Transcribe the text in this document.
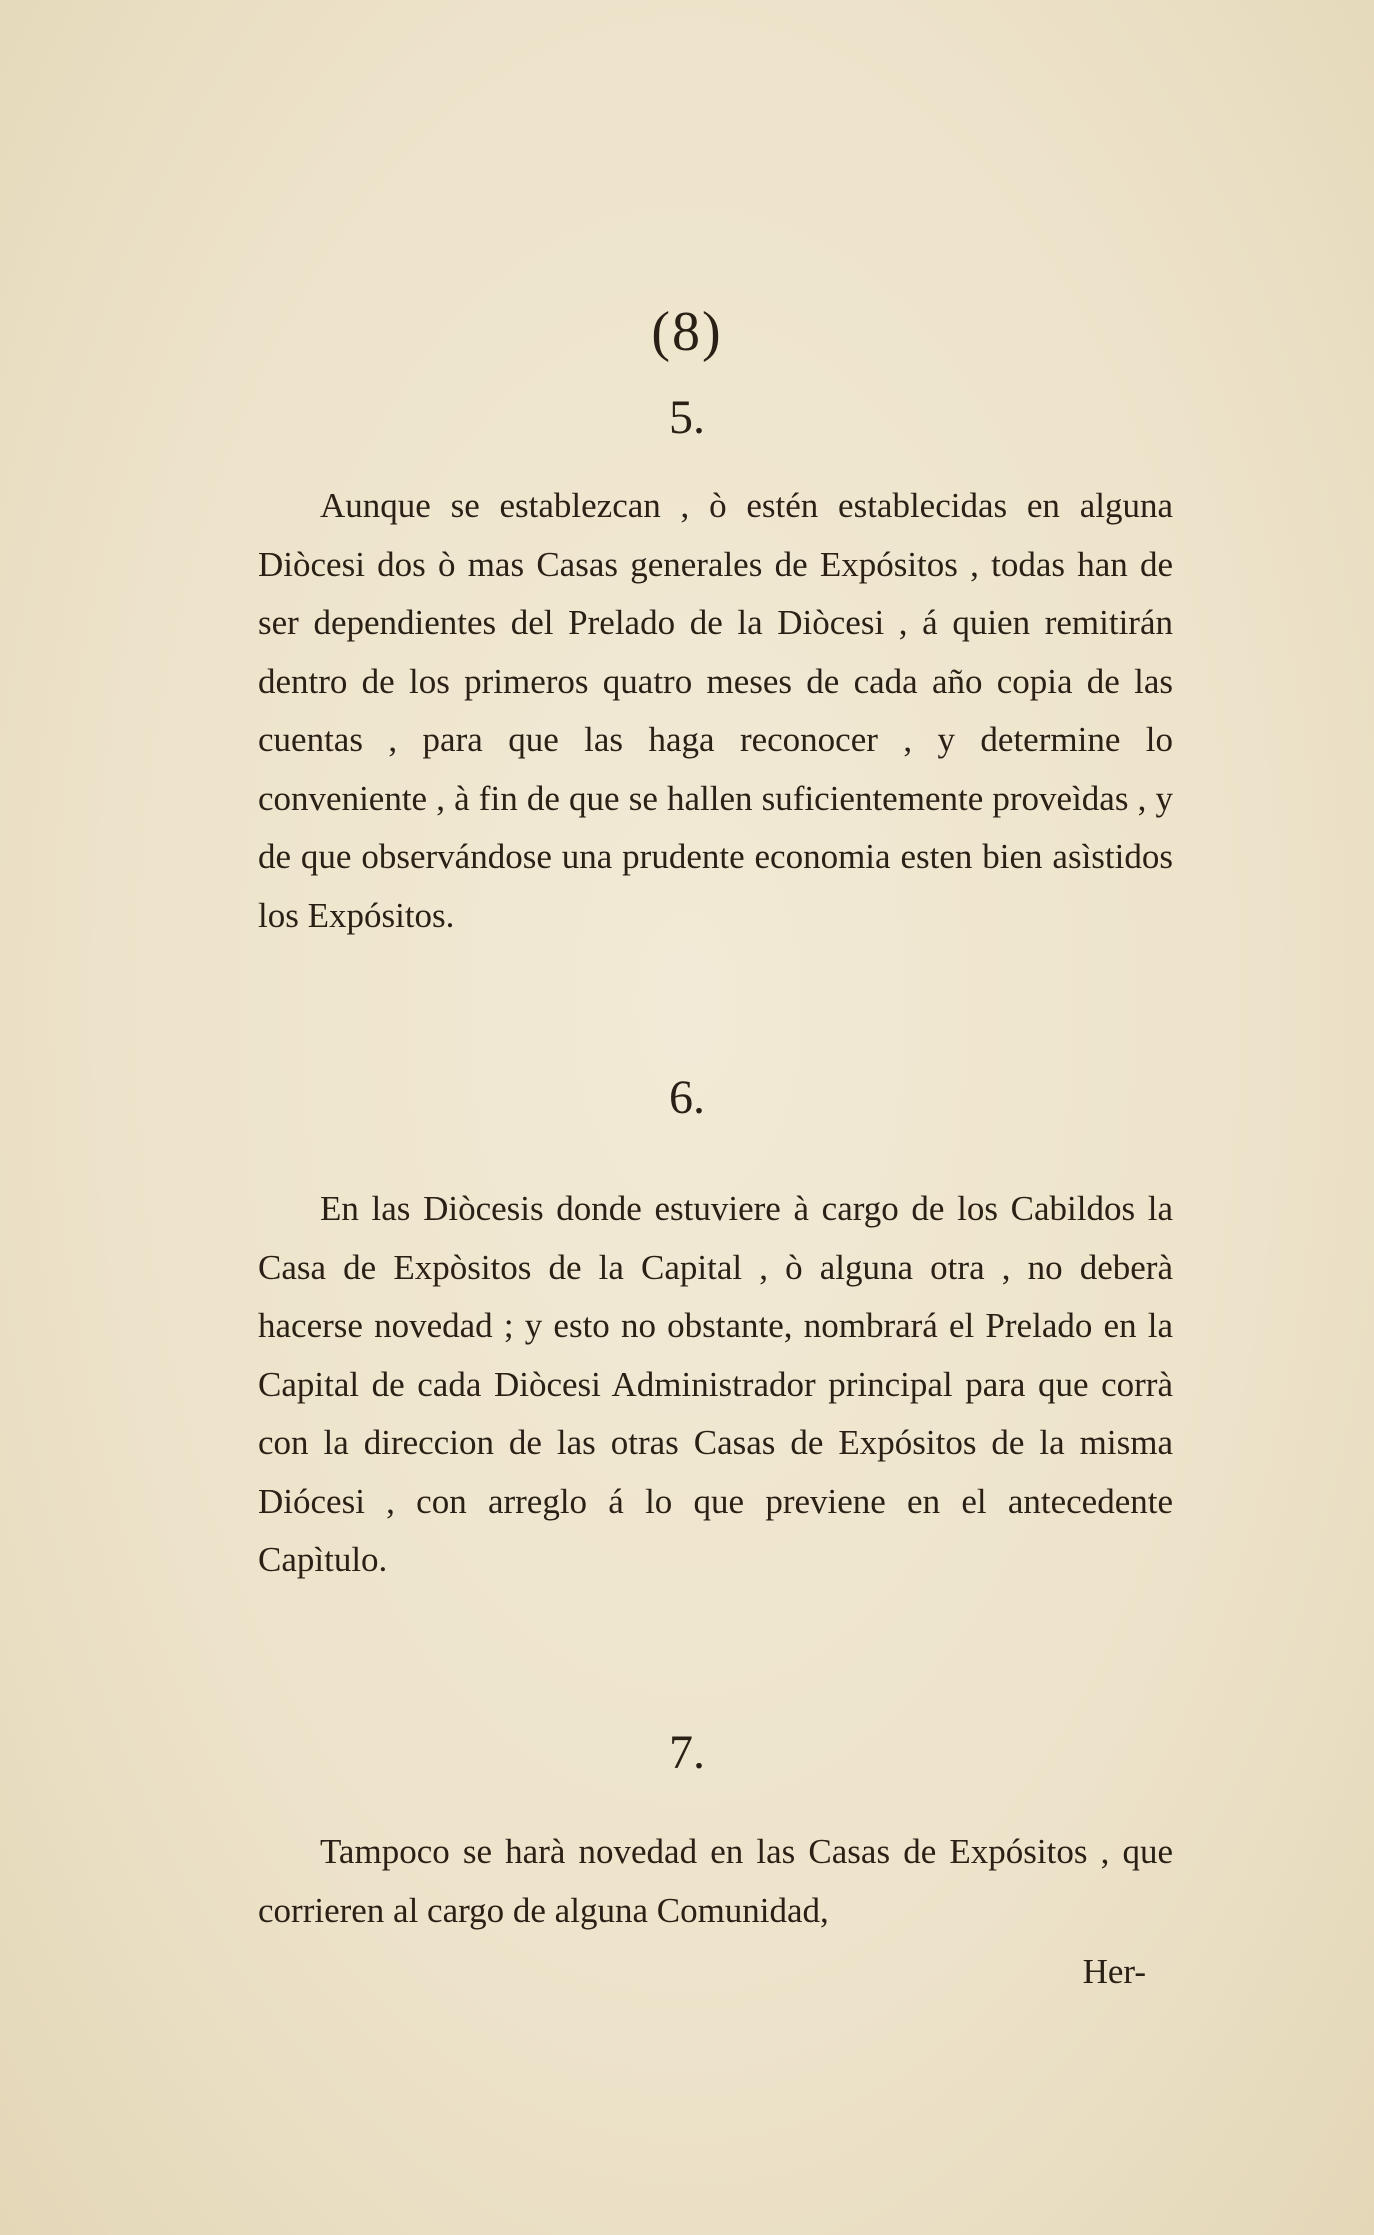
(8)

5.

Aunque se establezcan , ò estén establecidas en alguna Diòcesi dos ò mas Casas generales de Expósitos , todas han de ser dependientes del Prelado de la Diòcesi , á quien remitirán dentro de los primeros quatro meses de cada año copia de las cuentas , para que las haga reconocer , y determine lo conveniente , à fin de que se hallen suficientemente proveìdas , y de que observándose una prudente economia esten bien asìstidos los Expósitos.

6.

En las Diòcesis donde estuviere à cargo de los Cabildos la Casa de Expòsitos de la Capital , ò alguna otra , no deberà hacerse novedad ; y esto no obstante, nombrará el Prelado en la Capital de cada Diòcesi Administrador principal para que corrà con la direccion de las otras Casas de Expósitos de la misma Diócesi , con arreglo á lo que previene en el antecedente Capìtulo.

7.

Tampoco se harà novedad en las Casas de Expósitos , que corrieren al cargo de alguna Comunidad,

Her-
